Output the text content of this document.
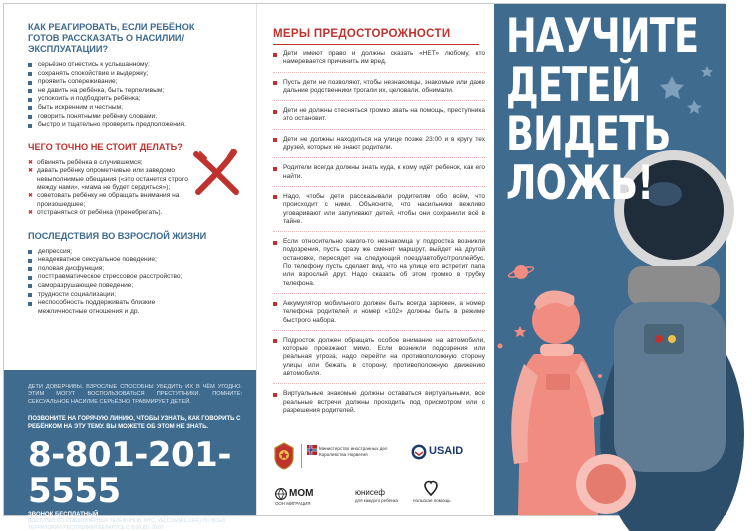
КАК РЕАГИРОВАТЬ, ЕСЛИ РЕБЁНОК ГОТОВ РАССКАЗАТЬ О НАСИЛИИ/ЭКСПЛУАТАЦИИ?
серьёзно отнестись к услышанному;
сохранять спокойствие и выдержку;
проявить сопереживание;
не давить на ребёнка, быть терпеливым;
успокоить и подбодрить ребёнка;
быть искренним и честным;
говорить понятными ребёнку словами;
быстро и тщательно проверить предположения.
ЧЕГО ТОЧНО НЕ СТОИТ ДЕЛАТЬ?
✖ обвинять ребёнка в случившемся;
✖ давать ребёнку опрометчивые или заведомо невыполнимые обещания («это останется строго между нами», «мама не будет сердиться»);
✖ советовать ребёнку не обращать внимания на произошедшее;
✖ отстраняться от ребёнка (пренебрегать).
ПОСЛЕДСТВИЯ ВО ВЗРОСЛОЙ ЖИЗНИ
депрессия;
неадекватное сексуальное поведение;
половая дисфункция;
посттравматическое стрессовое расстройство;
саморазрушающее поведение;
трудности социализации;
неспособность поддерживать близкие межличностные отношения и др.
ДЕТИ ДОВЕРЧИВЫ. ВЗРОСЛЫЕ СПОСОБНЫ УБЕДИТЬ ИХ В ЧЁМ УГОДНО. ЭТИМ МОГУТ ВОСПОЛЬЗОВАТЬСЯ ПРЕСТУПНИКИ. ПОМНИТЕ: СЕКСУАЛЬНОЕ НАСИЛИЕ СЕРЬЁЗНО ТРАВМИРУЕТ ДЕТЕЙ.
ПОЗВОНИТЕ НА ГОРЯЧУЮ ЛИНИЮ, ЧТОБЫ УЗНАТЬ, КАК ГОВОРИТЬ С РЕБЁНКОМ НА ЭТУ ТЕМУ. ВЫ МОЖЕТЕ ОБ ЭТОМ НЕ ЗНАТЬ.
8-801-201-5555
ЗВОНОК БЕСПЛАТНЫЙ
ДОСТУПЕН СО СТАЦИОНАРНЫХ ТЕЛЕФОНОВ, МТС, VELCOM|A1, LIFE) ПО ВСЕЙ ТЕРРИТОРИИ РЕСПУБЛИКИ БЕЛАРУСЬ С 8:00 ДО 20:00
МЕРЫ ПРЕДОСТОРОЖНОСТИ
Дети имеют право и должны сказать «НЕТ» любому, кто намеревается причинить им вред.
Пусть дети не позволяют, чтобы незнакомцы, знакомые или даже дальние родственники трогали их, целовали, обнимали.
Дети не должны стесняться громко звать на помощь, преступника это остановит.
Дети не должны находиться на улице позже 23:00 и в кругу тех друзей, которых не знают родители.
Родители всегда должны знать куда, к кому идёт ребенок, как его найти.
Надо, чтобы дети рассказывали родителям обо всём, что происходит с ними. Объясните, что насильники вежливо уговаривают или запугивают детей, чтобы они сохранили всё в тайне.
Если относительно какого-то незнакомца у подростка возникли подозрения, пусть сразу же сменит маршрут, выйдет на другой остановке, пересядет на следующий поезд/автобус/троллейбус. По телефону пусть сделает вид, что на улице его встретит папа или взрослый друг. Надо сказать об этом громко в трубку телефона.
Аккумулятор мобильного должен быть всегда заряжен, а номер телефона родителей и номер «102» должны быть в режиме быстрого набора.
Подросток должен обращать особое внимание на автомобили, которые проезжают мимо. Если возникли подозрения или реальная угроза, надо перейти на противоположную сторону улицы или бежать в сторону, противоположную движению автомобиля.
Виртуальные знакомые должны оставаться виртуальными, все реальные встречи должны проходить под присмотром или с разрешения родителей.
Министерство иностранных дел Королевства Норвегия	USAID
МОМ
ООН МИГРАЦИЯ
юнисеф
для каждого ребёнка	польская помощь
НАУЧИТЕ
ДЕТЕЙ
ВИДЕТЬ
ЛОЖЬ!
